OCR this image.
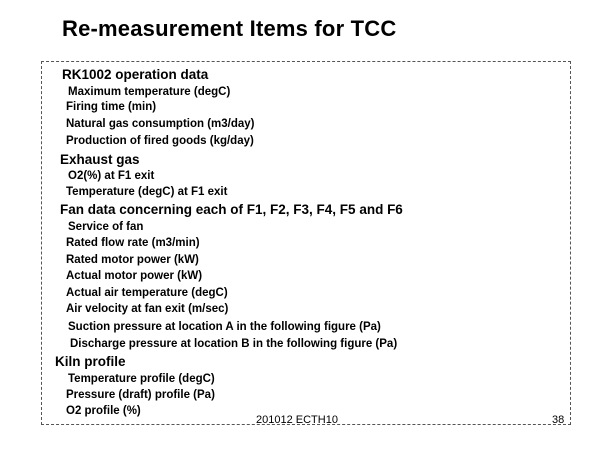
Re-measurement Items for TCC
RK1002 operation data
Maximum temperature (degC)
Firing time (min)
Natural gas consumption (m3/day)
Production of fired goods (kg/day)
Exhaust gas
O2(%) at F1 exit
Temperature (degC) at F1 exit
Fan data concerning each of F1, F2, F3, F4, F5 and F6
Service of fan
Rated flow rate (m3/min)
Rated motor power (kW)
Actual motor power (kW)
Actual air temperature (degC)
Air velocity at fan exit (m/sec)
Suction pressure at location A in the following figure (Pa)
Discharge pressure at location B in the following figure (Pa)
Kiln profile
Temperature profile (degC)
Pressure (draft) profile (Pa)
O2 profile (%)
201012 ECTH10	38
